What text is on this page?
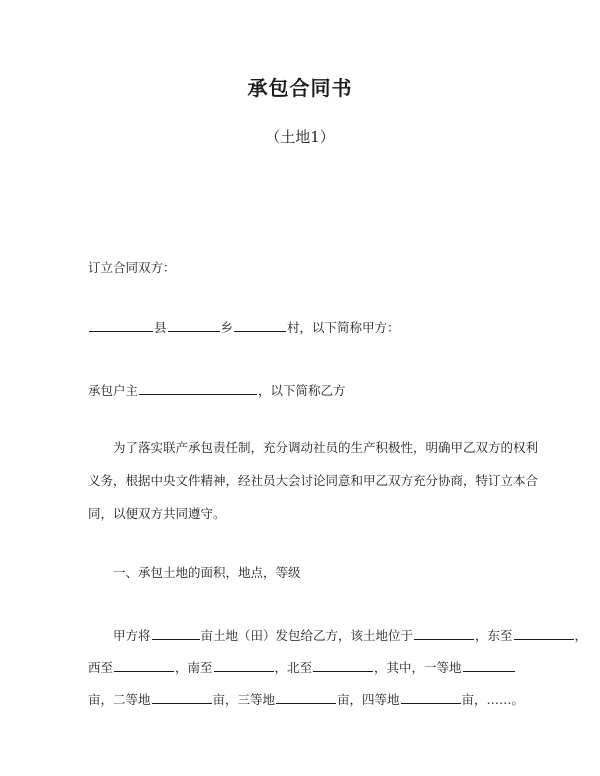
承包合同书
（土地1）
订立合同双方：
县	乡	村，以下简称甲方：
承包户主	，以下简称乙方
为了落实联产承包责任制，充分调动社员的生产积极性，明确甲乙双方的权利
义务，根据中央文件精神，经社员大会讨论同意和甲乙双方充分协商，特订立本合
同，以便双方共同遵守。
一、承包土地的面积，地点，等级
甲方将	亩土地（田）发包给乙方，该土地位于	，东至	，
西至	，南至	，北至	，其中，一等地
亩，二等地	亩，三等地	亩，四等地	亩，……。
